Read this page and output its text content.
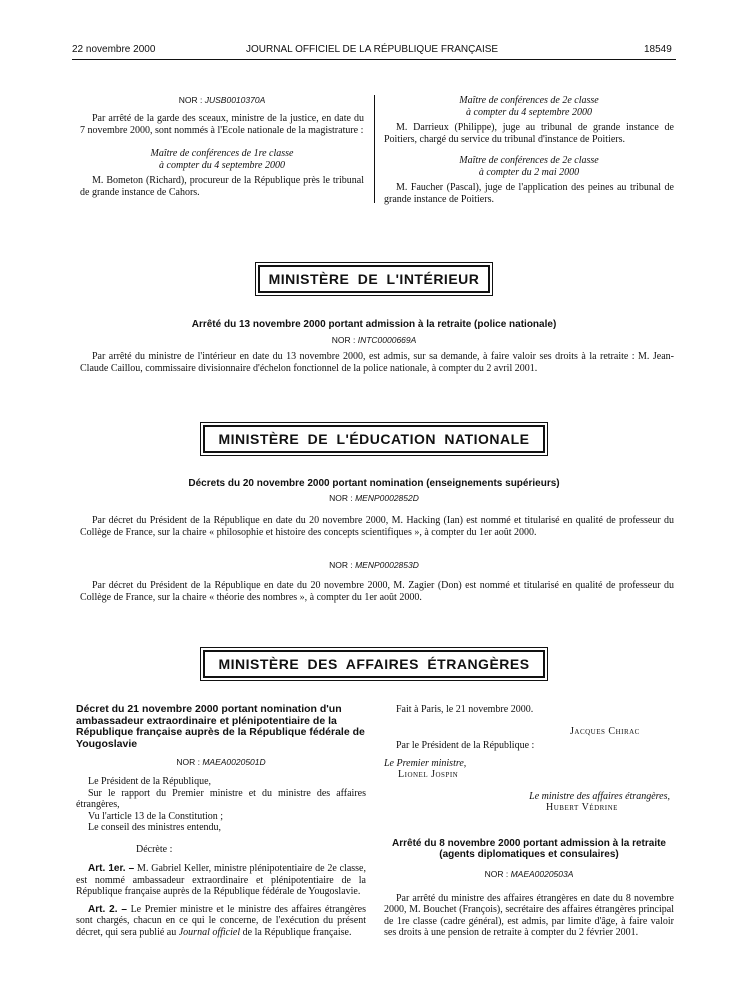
22 novembre 2000	JOURNAL OFFICIEL DE LA RÉPUBLIQUE FRANÇAISE	18549
NOR : JUSB0010370A

Par arrêté de la garde des sceaux, ministre de la justice, en date du 7 novembre 2000, sont nommés à l'Ecole nationale de la magistrature :

Maître de conférences de 1re classe
à compter du 4 septembre 2000

M. Bometon (Richard), procureur de la République près le tribunal de grande instance de Cahors.

Maître de conférences de 2e classe
à compter du 4 septembre 2000

M. Darrieux (Philippe), juge au tribunal de grande instance de Poitiers, chargé du service du tribunal d'instance de Poitiers.

Maître de conférences de 2e classe
à compter du 2 mai 2000

M. Faucher (Pascal), juge de l'application des peines au tribunal de grande instance de Poitiers.

MINISTÈRE DE L'INTÉRIEUR
Arrêté du 13 novembre 2000 portant admission à la retraite (police nationale)
NOR : INTC0000669A

Par arrêté du ministre de l'intérieur en date du 13 novembre 2000, est admis, sur sa demande, à faire valoir ses droits à la retraite : M. Jean-Claude Caillou, commissaire divisionnaire d'échelon fonctionnel de la police nationale, à compter du 2 avril 2001.

MINISTÈRE DE L'ÉDUCATION NATIONALE
Décrets du 20 novembre 2000 portant nomination (enseignements supérieurs)
NOR : MENP0002852D

Par décret du Président de la République en date du 20 novembre 2000, M. Hacking (Ian) est nommé et titularisé en qualité de professeur du Collège de France, sur la chaire « philosophie et histoire des concepts scientifiques », à compter du 1er août 2000.

NOR : MENP0002853D

Par décret du Président de la République en date du 20 novembre 2000, M. Zagier (Don) est nommé et titularisé en qualité de professeur du Collège de France, sur la chaire « théorie des nombres », à compter du 1er août 2000.

MINISTÈRE DES AFFAIRES ÉTRANGÈRES
Décret du 21 novembre 2000 portant nomination d'un ambassadeur extraordinaire et plénipotentiaire de la République française auprès de la République fédérale de Yougoslavie
NOR : MAEA0020501D

Le Président de la République,

Sur le rapport du Premier ministre et du ministre des affaires étrangères,

Vu l'article 13 de la Constitution ;

Le conseil des ministres entendu,

Décrète :

Art. 1er. – M. Gabriel Keller, ministre plénipotentiaire de 2e classe, est nommé ambassadeur extraordinaire et plénipotentiaire de la République française auprès de la République fédérale de Yougoslavie.

Art. 2. – Le Premier ministre et le ministre des affaires étrangères sont chargés, chacun en ce qui le concerne, de l'exécution du présent décret, qui sera publié au Journal officiel de la République française.

Fait à Paris, le 21 novembre 2000.

Jacques Chirac

Par le Président de la République :

Le Premier ministre,
Lionel Jospin
Le ministre des affaires étrangères,
Hubert Védrine
Arrêté du 8 novembre 2000 portant admission à la retraite (agents diplomatiques et consulaires)
NOR : MAEA0020503A

Par arrêté du ministre des affaires étrangères en date du 8 novembre 2000, M. Bouchet (François), secrétaire des affaires étrangères principal de 1re classe (cadre général), est admis, par limite d'âge, à faire valoir ses droits à une pension de retraite à compter du 2 février 2001.
